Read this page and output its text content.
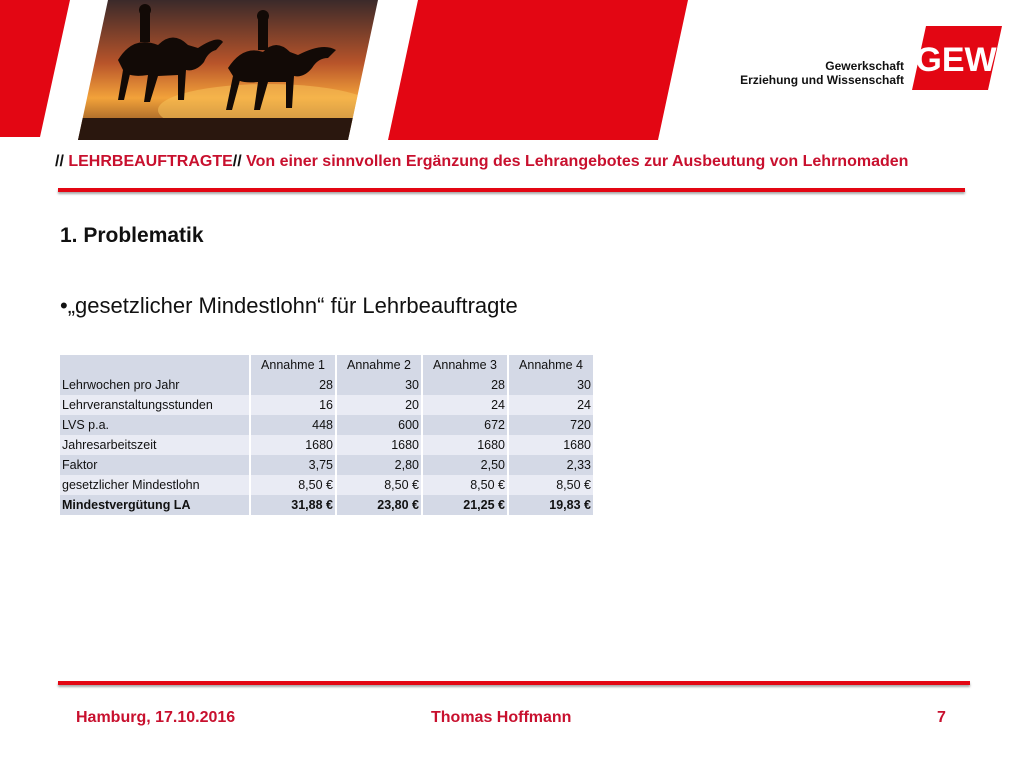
Gewerkschaft
Erziehung und Wissenschaft
GEW
// LEHRBEAUFTRAGTE// Von einer sinnvollen Ergänzung des Lehrangebotes zur Ausbeutung von Lehrnomaden
1. Problematik
•„gesetzlicher Mindestlohn“ für Lehrbeauftragte
	Annahme 1	Annahme 2	Annahme 3	Annahme 4
Lehrwochen pro Jahr	28	30	28	30
Lehrveranstaltungsstunden	16	20	24	24
LVS p.a.	448	600	672	720
Jahresarbeitszeit	1680	1680	1680	1680
Faktor	3,75	2,80	2,50	2,33
gesetzlicher Mindestlohn	8,50 €	8,50 €	8,50 €	8,50 €
Mindestvergütung LA	31,88 €	23,80 €	21,25 €	19,83 €
Hamburg, 17.10.2016	Thomas Hoffmann	7
